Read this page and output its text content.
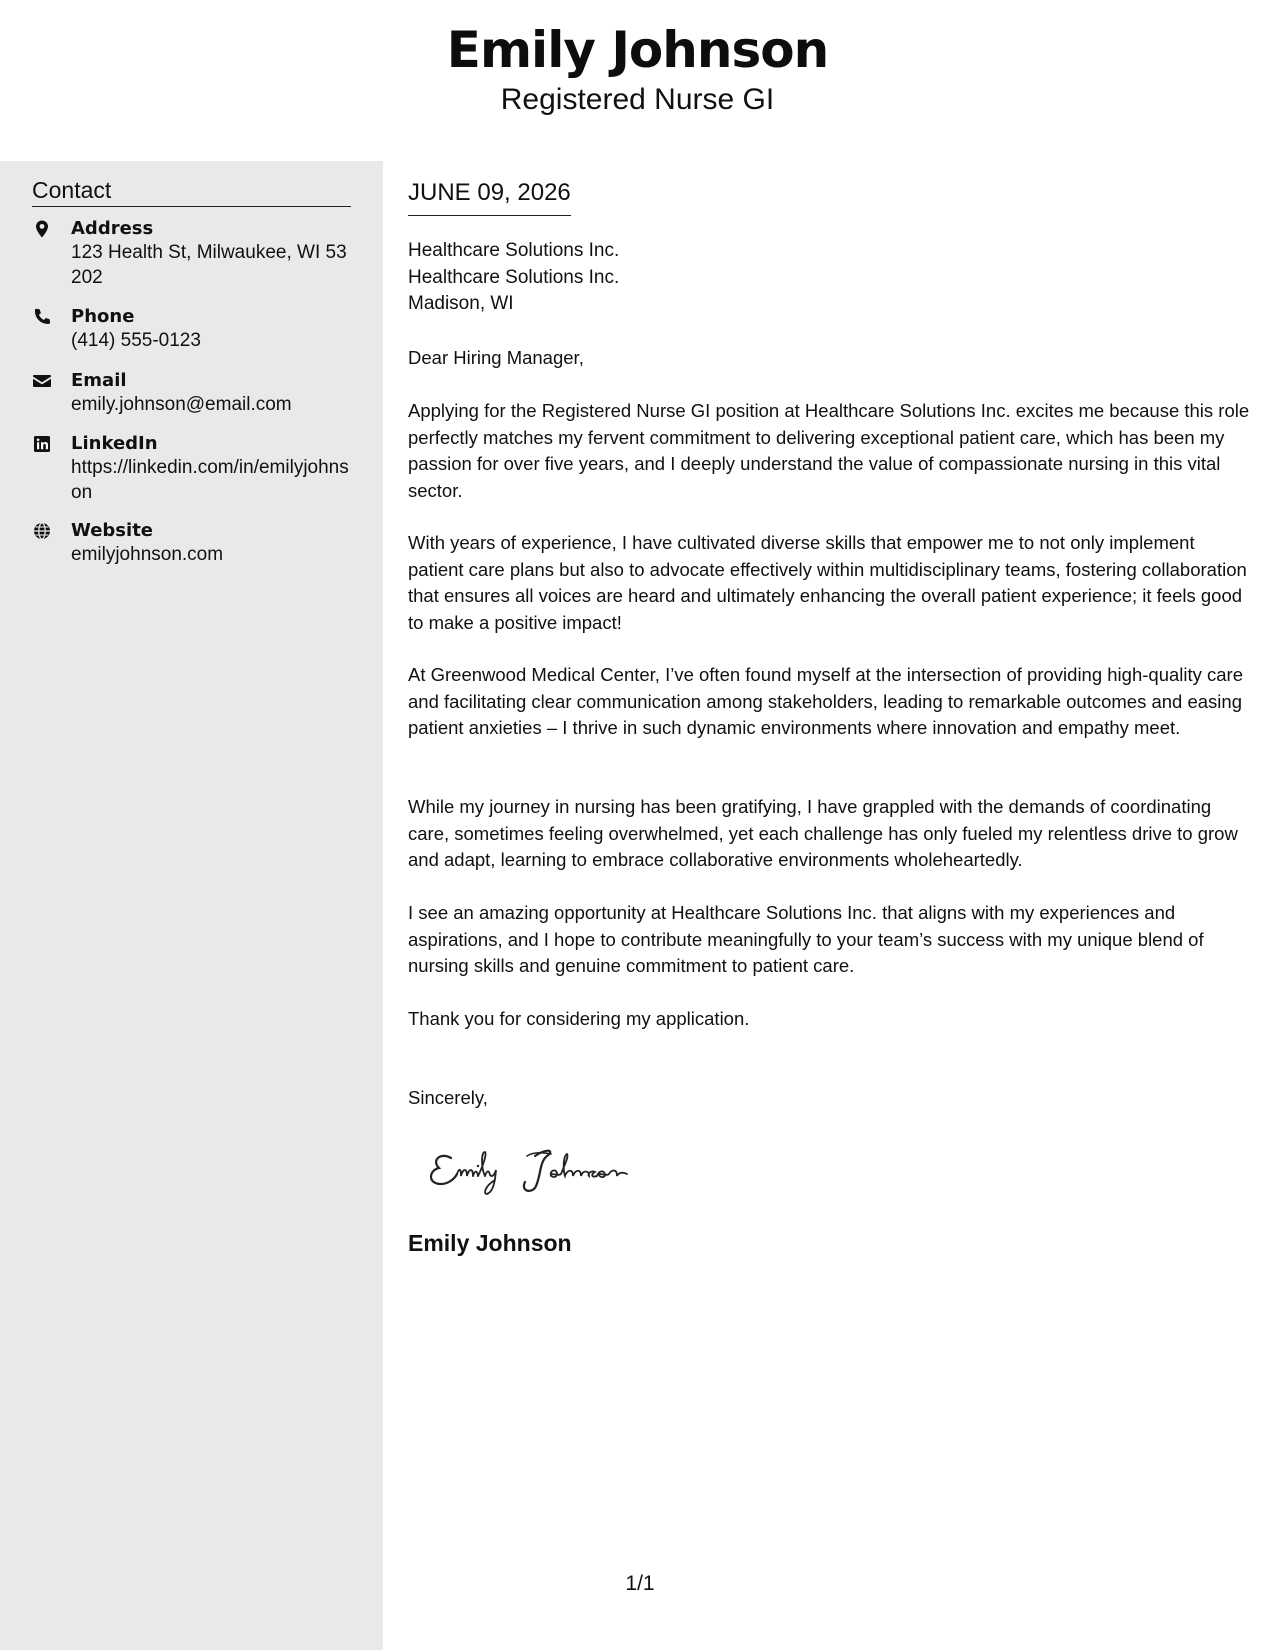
Emily Johnson
Registered Nurse GI
Contact
Address
123 Health St, Milwaukee, WI 53202
Phone
(414) 555-0123
Email
emily.johnson@email.com
LinkedIn
https://linkedin.com/in/emilyjohnson
Website
emilyjohnson.com
JUNE 09, 2026
Healthcare Solutions Inc.
Healthcare Solutions Inc.
Madison, WI

Dear Hiring Manager,

Applying for the Registered Nurse GI position at Healthcare Solutions Inc. excites me because this role perfectly matches my fervent commitment to delivering exceptional patient care, which has been my passion for over five years, and I deeply understand the value of compassionate nursing in this vital sector.

With years of experience, I have cultivated diverse skills that empower me to not only implement patient care plans but also to advocate effectively within multidisciplinary teams, fostering collaboration that ensures all voices are heard and ultimately enhancing the overall patient experience; it feels good to make a positive impact!

At Greenwood Medical Center, I’ve often found myself at the intersection of providing high-quality care and facilitating clear communication among stakeholders, leading to remarkable outcomes and easing patient anxieties – I thrive in such dynamic environments where innovation and empathy meet.

While my journey in nursing has been gratifying, I have grappled with the demands of coordinating care, sometimes feeling overwhelmed, yet each challenge has only fueled my relentless drive to grow and adapt, learning to embrace collaborative environments wholeheartedly.

I see an amazing opportunity at Healthcare Solutions Inc. that aligns with my experiences and aspirations, and I hope to contribute meaningfully to your team’s success with my unique blend of nursing skills and genuine commitment to patient care.

Thank you for considering my application.

Sincerely,

Emily Johnson
1/1
